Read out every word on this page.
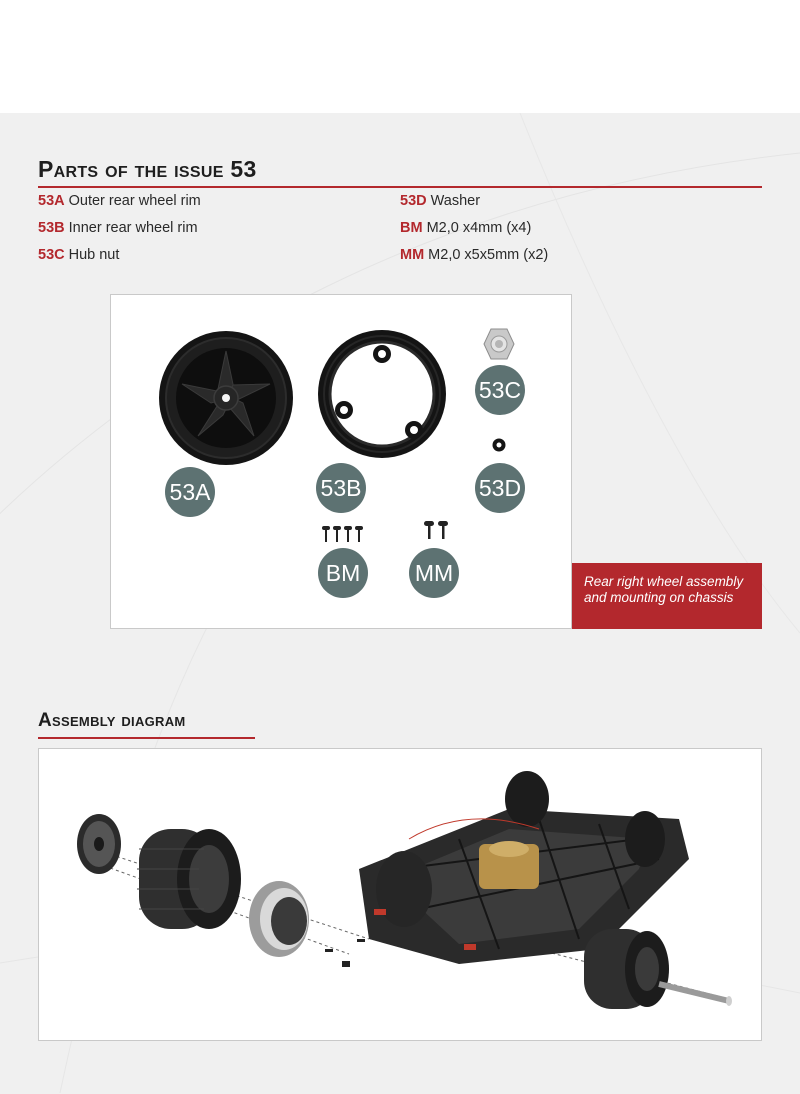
Parts of the issue 53
53A Outer rear wheel rim
53B Inner rear wheel rim
53C Hub nut
53D Washer
BM M2,0 x4mm (x4)
MM M2,0 x5x5mm (x2)
53A	53B
53C
53D
BM	MM	Rear right wheel assembly and mounting on chassis
Assembly diagram
